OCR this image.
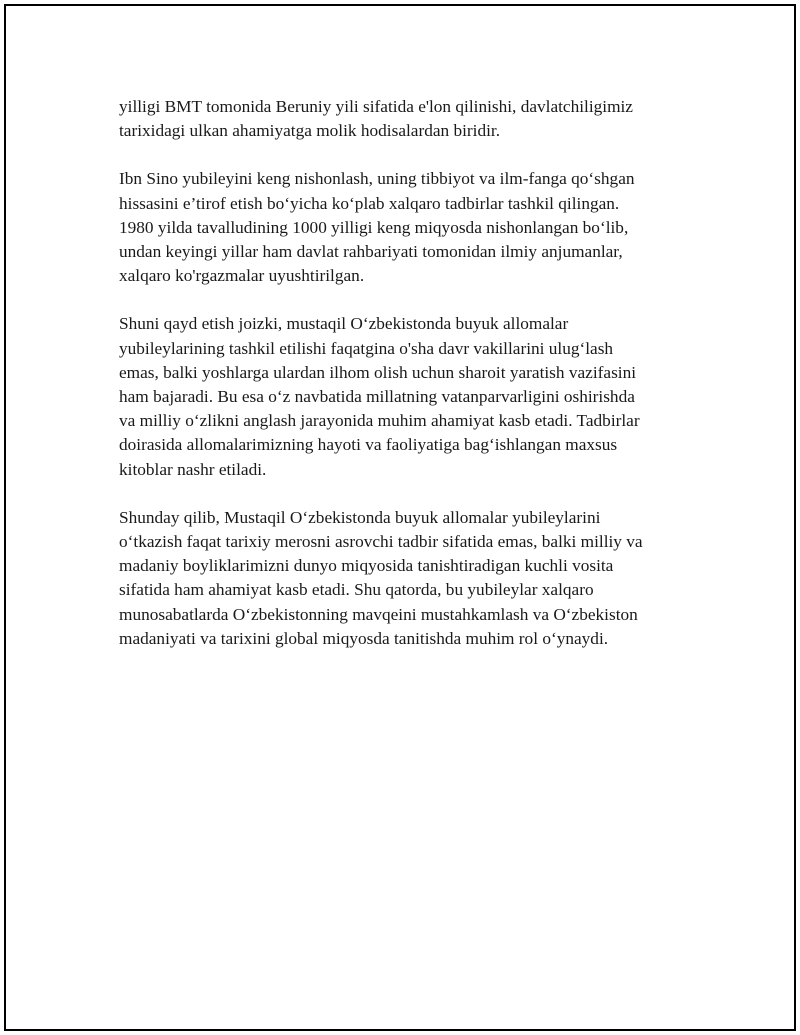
yilligi BMT tomonida Beruniy yili sifatida e'lon qilinishi, davlatchiligimiz
tarixidagi ulkan ahamiyatga molik hodisalardan biridir.

Ibn Sino yubileyini keng nishonlash, uning tibbiyot va ilm-fanga qo‘shgan
hissasini e’tirof etish bo‘yicha ko‘plab xalqaro tadbirlar tashkil qilingan.
1980 yilda tavalludining 1000 yilligi keng miqyosda nishonlangan bo‘lib,
undan keyingi yillar ham davlat rahbariyati tomonidan ilmiy anjumanlar,
xalqaro ko'rgazmalar uyushtirilgan.

Shuni qayd etish joizki, mustaqil O‘zbekistonda buyuk allomalar
yubileylarining tashkil etilishi faqatgina o'sha davr vakillarini ulug‘lash
emas, balki yoshlarga ulardan ilhom olish uchun sharoit yaratish vazifasini
ham bajaradi. Bu esa o‘z navbatida millatning vatanparvarligini oshirishda
va milliy o‘zlikni anglash jarayonida muhim ahamiyat kasb etadi. Tadbirlar
doirasida allomalarimizning hayoti va faoliyatiga bag‘ishlangan maxsus
kitoblar nashr etiladi.

Shunday qilib, Mustaqil O‘zbekistonda buyuk allomalar yubileylarini
o‘tkazish faqat tarixiy merosni asrovchi tadbir sifatida emas, balki milliy va
madaniy boyliklarimizni dunyo miqyosida tanishtiradigan kuchli vosita
sifatida ham ahamiyat kasb etadi. Shu qatorda, bu yubileylar xalqaro
munosabatlarda O‘zbekistonning mavqeini mustahkamlash va O‘zbekiston
madaniyati va tarixini global miqyosda tanitishda muhim rol o‘ynaydi.
